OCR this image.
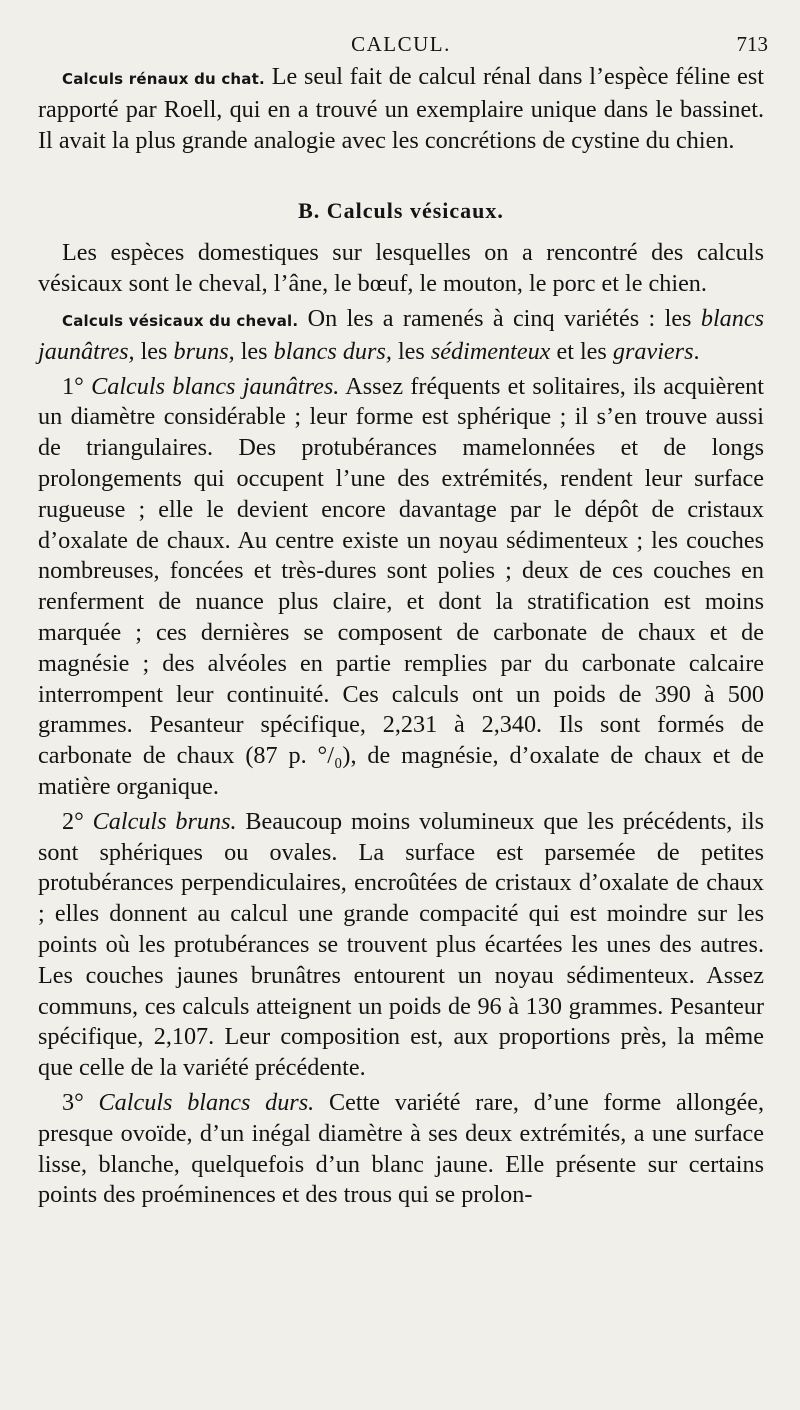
CALCUL.	713

Calculs rénaux du chat. Le seul fait de calcul rénal dans l’espèce féline est rapporté par Roell, qui en a trouvé un exemplaire unique dans le bassinet. Il avait la plus grande analogie avec les concrétions de cystine du chien.

B. Calculs vésicaux.

Les espèces domestiques sur lesquelles on a rencontré des calculs vésicaux sont le cheval, l’âne, le bœuf, le mouton, le porc et le chien.

Calculs vésicaux du cheval. On les a ramenés à cinq variétés : les blancs jaunâtres, les bruns, les blancs durs, les sédimenteux et les graviers.

1° Calculs blancs jaunâtres. Assez fréquents et solitaires, ils acquièrent un diamètre considérable ; leur forme est sphérique ; il s’en trouve aussi de triangulaires. Des protubérances mamelonnées et de longs prolongements qui occupent l’une des extrémités, rendent leur surface rugueuse ; elle le devient encore davantage par le dépôt de cristaux d’oxalate de chaux. Au centre existe un noyau sédimenteux ; les couches nombreuses, foncées et très-dures sont polies ; deux de ces couches en renferment de nuance plus claire, et dont la stratification est moins marquée ; ces dernières se composent de carbonate de chaux et de magnésie ; des alvéoles en partie remplies par du carbonate calcaire interrompent leur continuité. Ces calculs ont un poids de 390 à 500 grammes. Pesanteur spécifique, 2,231 à 2,340. Ils sont formés de carbonate de chaux (87 p. °/₀), de magnésie, d’oxalate de chaux et de matière organique.

2° Calculs bruns. Beaucoup moins volumineux que les précédents, ils sont sphériques ou ovales. La surface est parsemée de petites protubérances perpendiculaires, encroûtées de cristaux d’oxalate de chaux ; elles donnent au calcul une grande compacité qui est moindre sur les points où les protubérances se trouvent plus écartées les unes des autres. Les couches jaunes brunâtres entourent un noyau sédimenteux. Assez communs, ces calculs atteignent un poids de 96 à 130 grammes. Pesanteur spécifique, 2,107. Leur composition est, aux proportions près, la même que celle de la variété précédente.

3° Calculs blancs durs. Cette variété rare, d’une forme allongée, presque ovoïde, d’un inégal diamètre à ses deux extrémités, a une surface lisse, blanche, quelquefois d’un blanc jaune. Elle présente sur certains points des proéminences et des trous qui se prolon-
